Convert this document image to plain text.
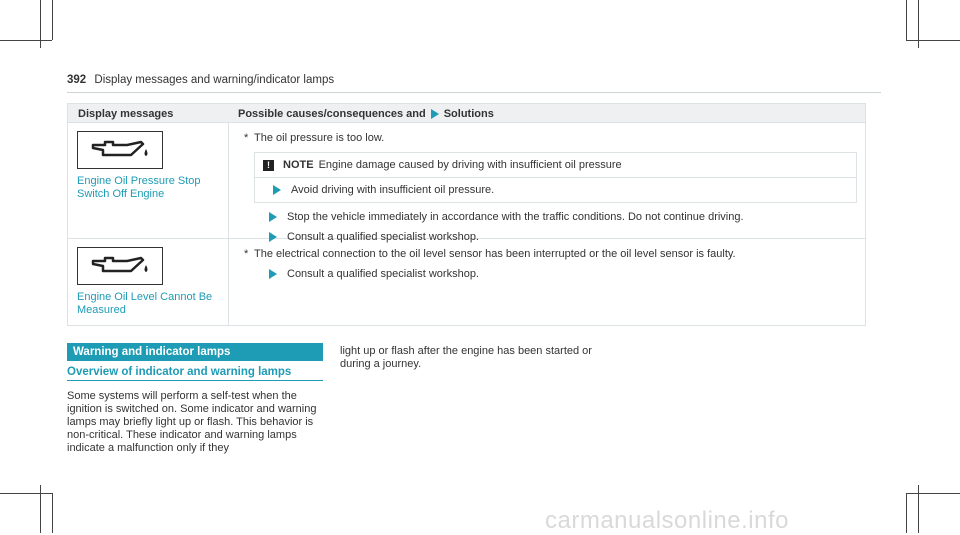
392 Display messages and warning/indicator lamps
Display messages	Possible causes/consequences and Solutions
Engine Oil Pressure Stop Switch Off Engine
* The oil pressure is too low.
!	NOTE Engine damage caused by driving with insufficient oil pressure
Avoid driving with insufficient oil pressure.
Stop the vehicle immediately in accordance with the traffic conditions. Do not continue driving.
Consult a qualified specialist workshop.
Engine Oil Level Cannot Be Measured
* The electrical connection to the oil level sensor has been interrupted or the oil level sensor is faulty.
Consult a qualified specialist workshop.
Warning and indicator lamps
Overview of indicator and warning lamps
Some systems will perform a self-test when the ignition is switched on. Some indicator and warning lamps may briefly light up or flash. This behavior is non-critical. These indicator and warning lamps indicate a malfunction only if they
light up or flash after the engine has been started or during a journey.
carmanualsonline.info
